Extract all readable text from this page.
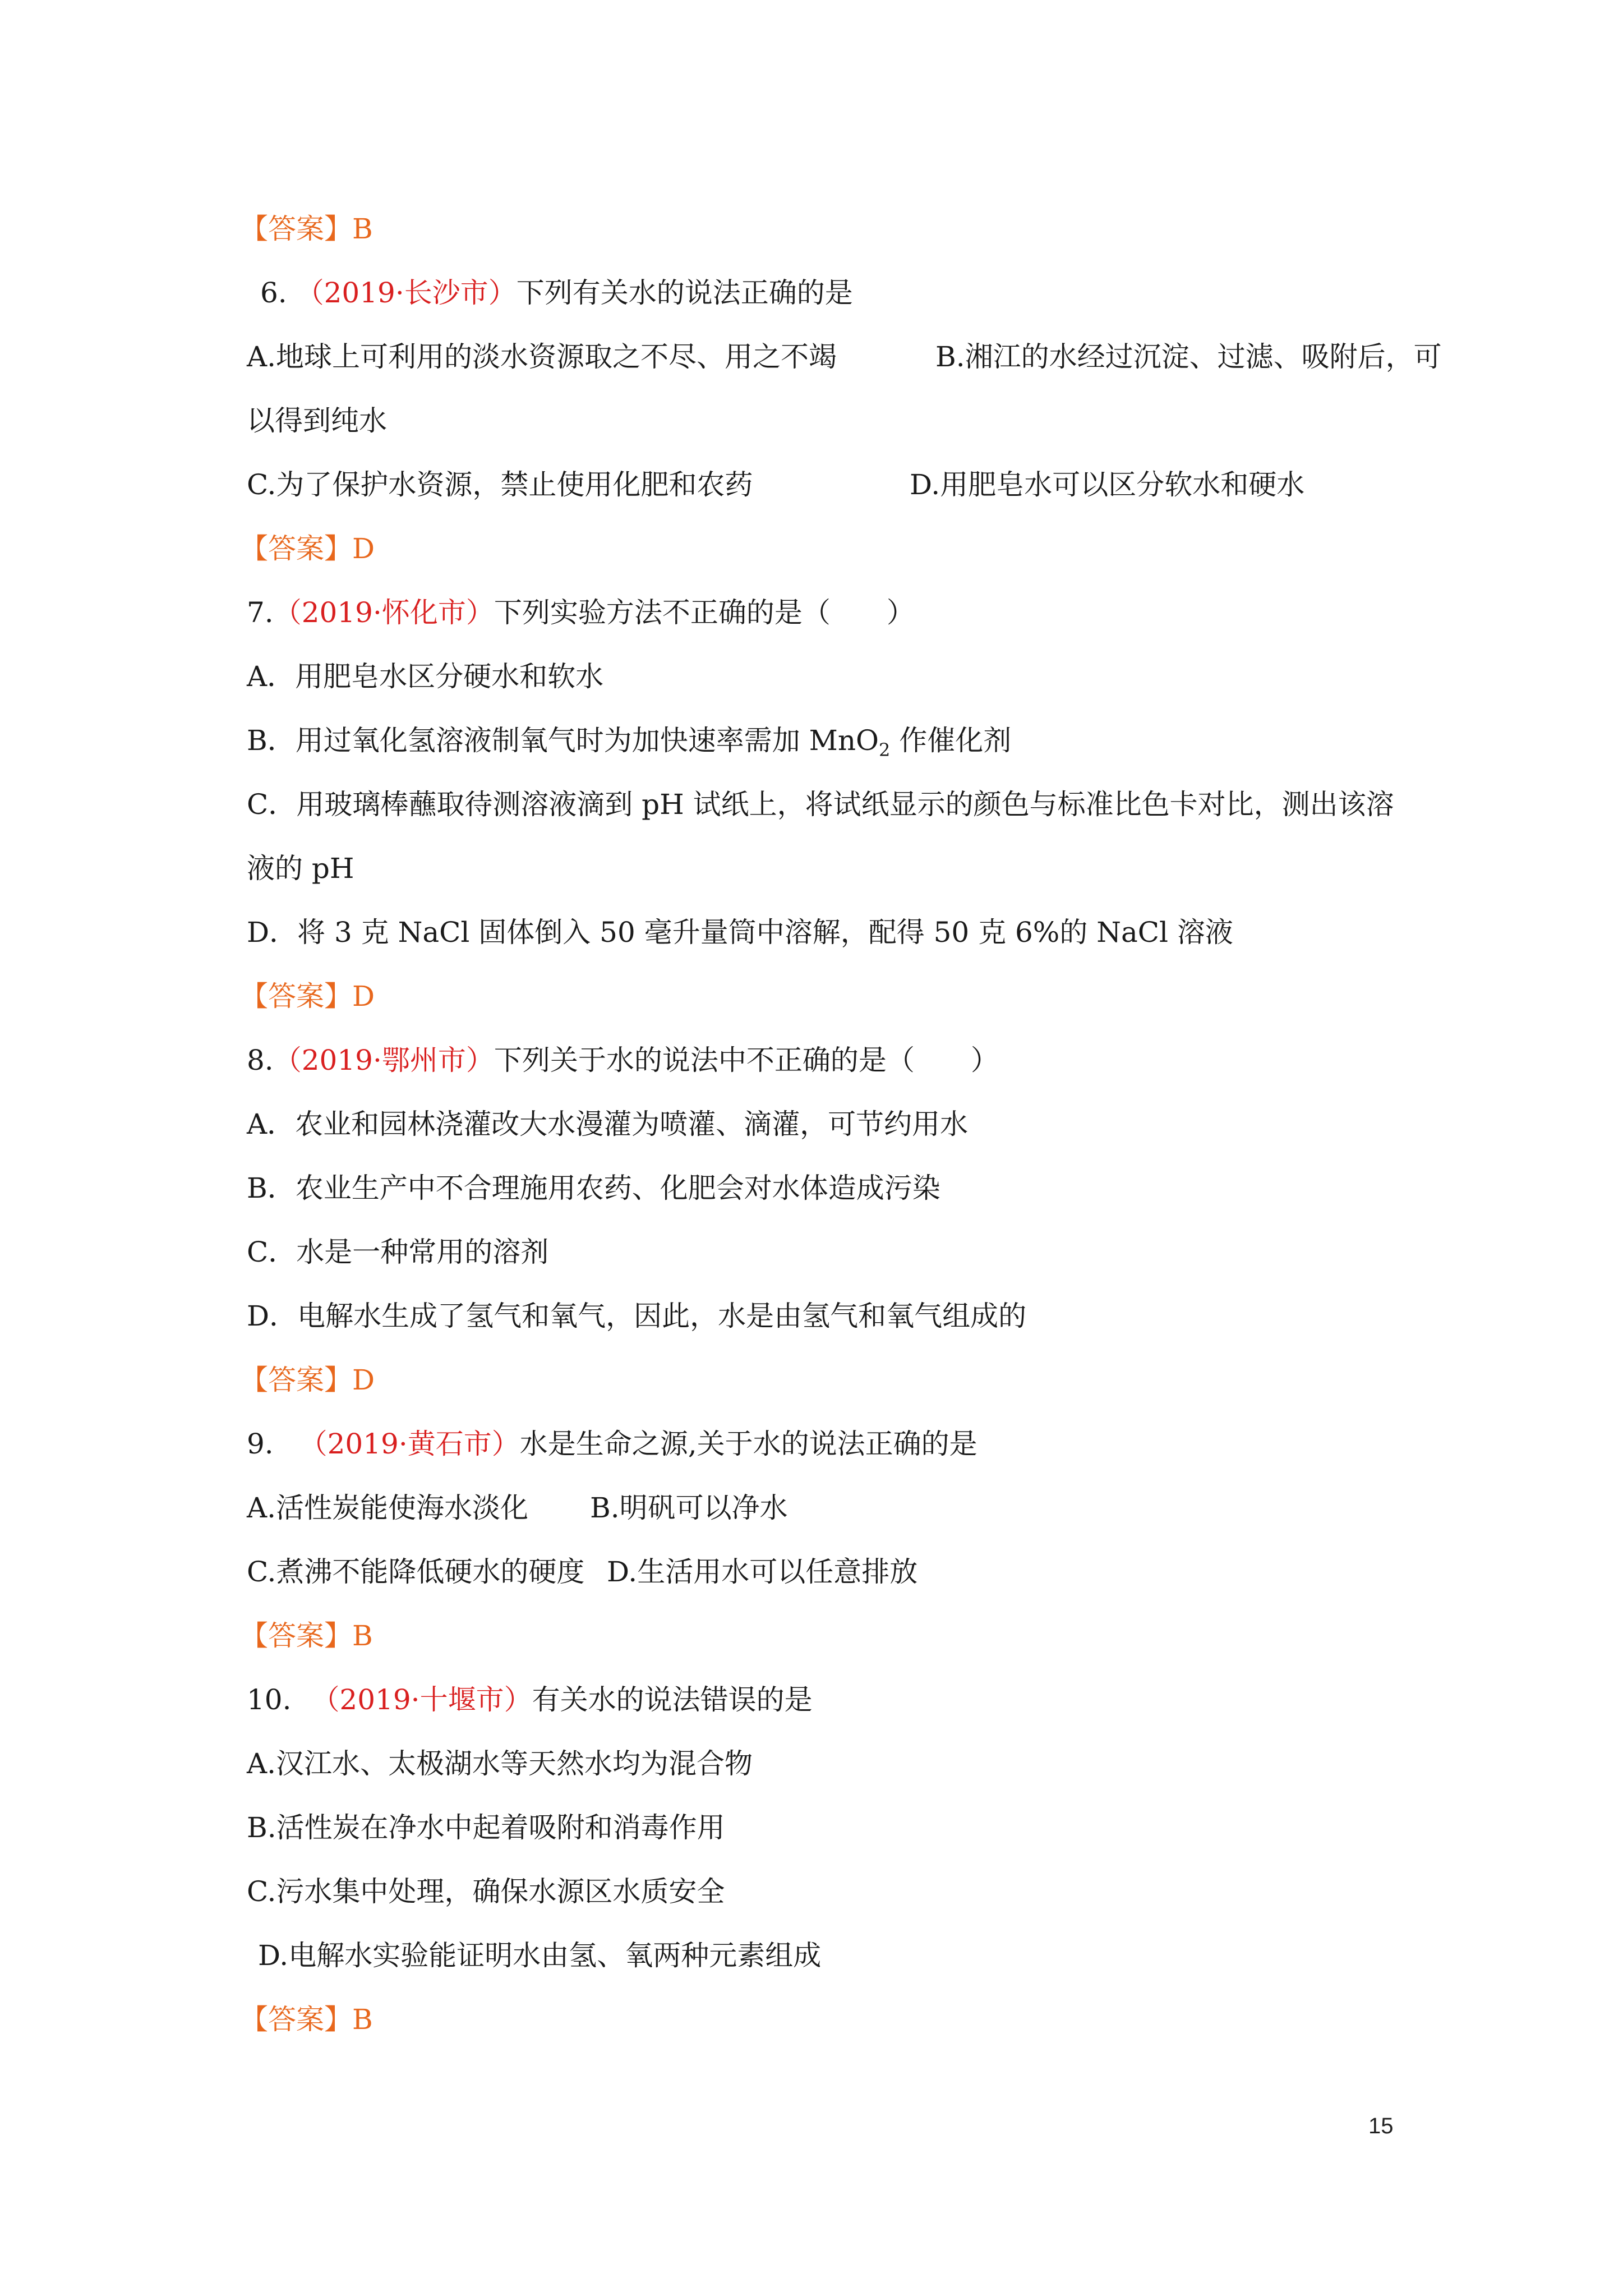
【答案】B
6. （2019·长沙市）下列有关水的说法正确的是
A.地球上可利用的淡水资源取之不尽、用之不竭	B.湘江的水经过沉淀、过滤、吸附后，可
以得到纯水
C.为了保护水资源，禁止使用化肥和农药	D.用肥皂水可以区分软水和硬水
【答案】D
7.（2019·怀化市）下列实验方法不正确的是（　　）
A．用肥皂水区分硬水和软水
B．用过氧化氢溶液制氧气时为加快速率需加 MnO$_2$ 作催化剂
C．用玻璃棒蘸取待测溶液滴到 pH 试纸上，将试纸显示的颜色与标准比色卡对比，测出该溶
液的 pH
D．将 3 克 NaCl 固体倒入 50 毫升量筒中溶解，配得 50 克 6%的 NaCl 溶液
【答案】D
8.（2019·鄂州市）下列关于水的说法中不正确的是（　　）
A．农业和园林浇灌改大水漫灌为喷灌、滴灌，可节约用水
B．农业生产中不合理施用农药、化肥会对水体造成污染
C．水是一种常用的溶剂
D．电解水生成了氢气和氧气，因此，水是由氢气和氧气组成的
【答案】D
9. （2019·黄石市）水是生命之源,关于水的说法正确的是
A.活性炭能使海水淡化 B.明矾可以净水
C.煮沸不能降低硬水的硬度 D.生活用水可以任意排放
【答案】B
10. （2019·十堰市）有关水的说法错误的是
A.汉江水、太极湖水等天然水均为混合物
B.活性炭在净水中起着吸附和消毒作用
C.污水集中处理，确保水源区水质安全
D.电解水实验能证明水由氢、氧两种元素组成
【答案】B
15
